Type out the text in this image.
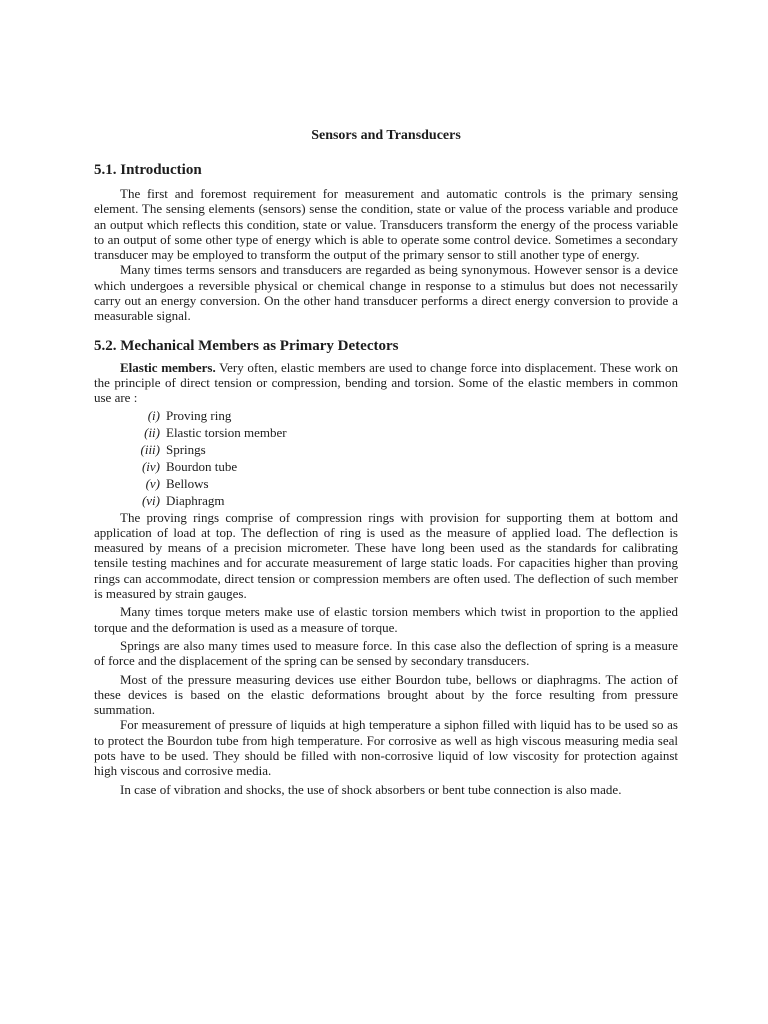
Sensors and Transducers
5.1. Introduction

The first and foremost requirement for measurement and automatic controls is the primary sensing element. The sensing elements (sensors) sense the condition, state or value of the process variable and produce an output which reflects this condition, state or value. Transducers transform the energy of the process variable to an output of some other type of energy which is able to operate some control device. Sometimes a secondary transducer may be employed to transform the output of the primary sensor to still another type of energy.

Many times terms sensors and transducers are regarded as being synonymous. However sensor is a device which undergoes a reversible physical or chemical change in response to a stimulus but does not necessarily carry out an energy conversion. On the other hand transducer performs a direct energy conversion to provide a measurable signal.

5.2. Mechanical Members as Primary Detectors

Elastic members. Very often, elastic members are used to change force into displacement. These work on the principle of direct tension or compression, bending and torsion. Some of the elastic members in common use are :

(i) Proving ring
(ii) Elastic torsion member
(iii) Springs
(iv) Bourdon tube
(v) Bellows
(vi) Diaphragm

The proving rings comprise of compression rings with provision for supporting them at bottom and application of load at top. The deflection of ring is used as the measure of applied load. The deflection is measured by means of a precision micrometer. These have long been used as the standards for calibrating tensile testing machines and for accurate measurement of large static loads. For capacities higher than proving rings can accommodate, direct tension or compression members are often used. The deflection of such member is measured by strain gauges.

Many times torque meters make use of elastic torsion members which twist in proportion to the applied torque and the deformation is used as a measure of torque.

Springs are also many times used to measure force. In this case also the deflection of spring is a measure of force and the displacement of the spring can be sensed by secondary transducers.

Most of the pressure measuring devices use either Bourdon tube, bellows or diaphragms. The action of these devices is based on the elastic deformations brought about by the force resulting from pressure summation.

For measurement of pressure of liquids at high temperature a siphon filled with liquid has to be used so as to protect the Bourdon tube from high temperature. For corrosive as well as high viscous measuring media seal pots have to be used. They should be filled with non-corrosive liquid of low viscosity for protection against high viscous and corrosive media.

In case of vibration and shocks, the use of shock absorbers or bent tube connection is also made.
